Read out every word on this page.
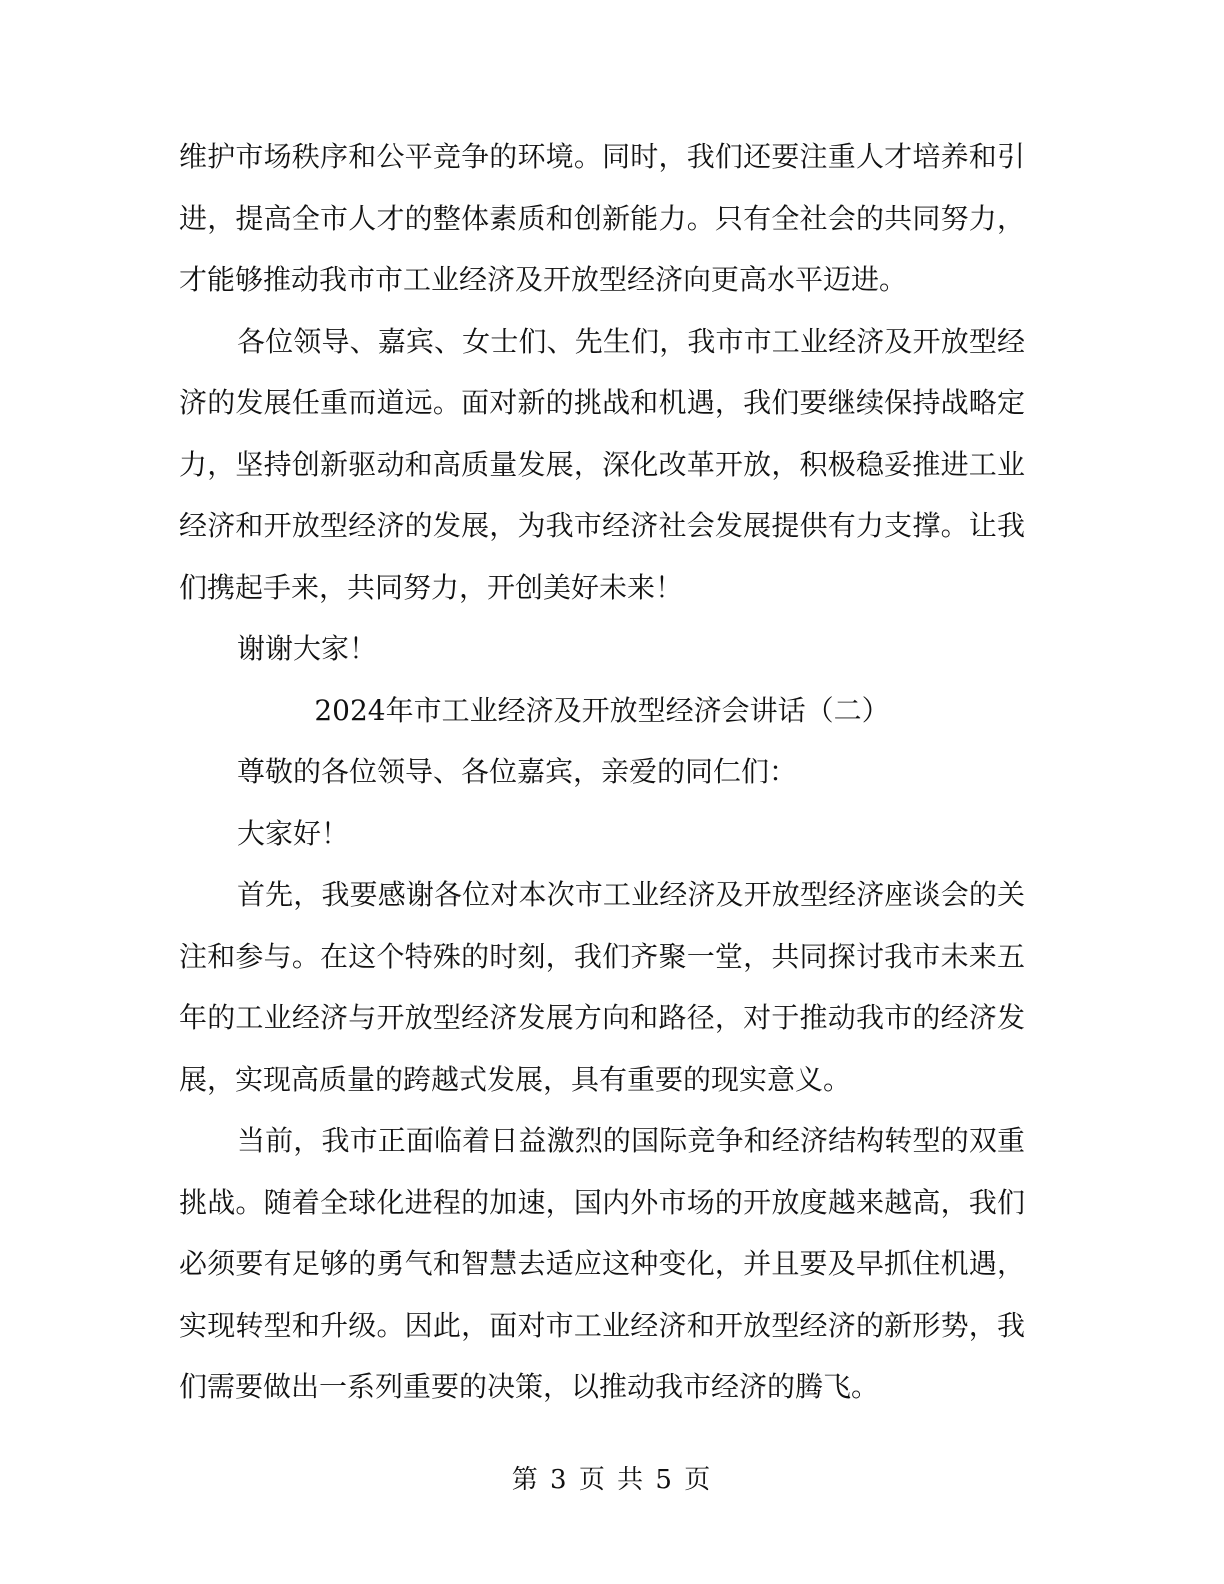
维护市场秩序和公平竞争的环境。同时，我们还要注重人才培养和引进，提高全市人才的整体素质和创新能力。只有全社会的共同努力，才能够推动我市市工业经济及开放型经济向更高水平迈进。

各位领导、嘉宾、女士们、先生们，我市市工业经济及开放型经济的发展任重而道远。面对新的挑战和机遇，我们要继续保持战略定力，坚持创新驱动和高质量发展，深化改革开放，积极稳妥推进工业经济和开放型经济的发展，为我市经济社会发展提供有力支撑。让我们携起手来，共同努力，开创美好未来！

谢谢大家！

2024年市工业经济及开放型经济会讲话（二）

尊敬的各位领导、各位嘉宾，亲爱的同仁们：

大家好！

首先，我要感谢各位对本次市工业经济及开放型经济座谈会的关注和参与。在这个特殊的时刻，我们齐聚一堂，共同探讨我市未来五年的工业经济与开放型经济发展方向和路径，对于推动我市的经济发展，实现高质量的跨越式发展，具有重要的现实意义。

当前，我市正面临着日益激烈的国际竞争和经济结构转型的双重挑战。随着全球化进程的加速，国内外市场的开放度越来越高，我们必须要有足够的勇气和智慧去适应这种变化，并且要及早抓住机遇，实现转型和升级。因此，面对市工业经济和开放型经济的新形势，我们需要做出一系列重要的决策，以推动我市经济的腾飞。

第 3 页 共 5 页
